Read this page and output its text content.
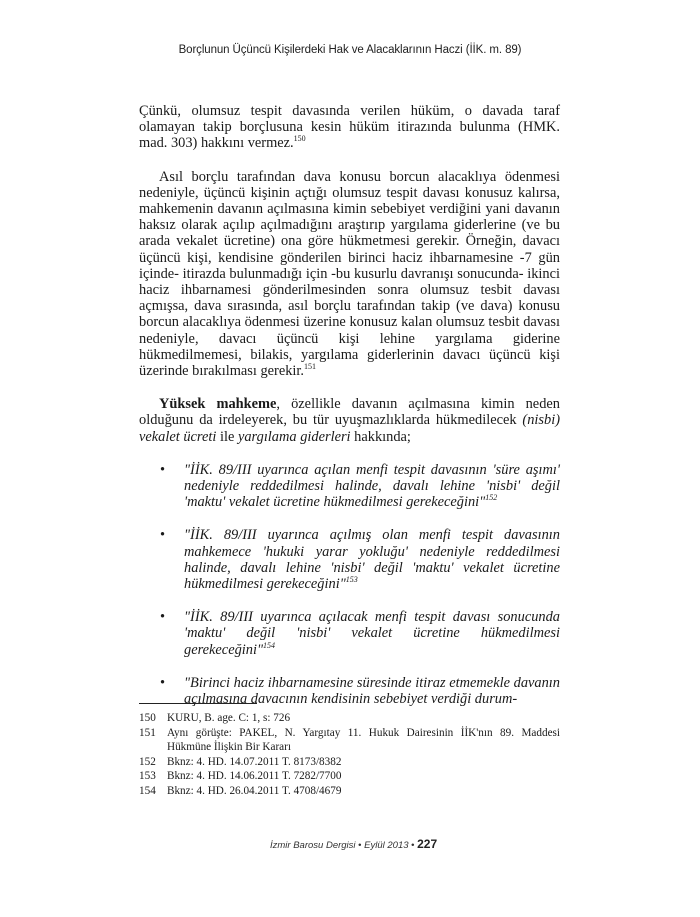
Borçlunun Üçüncü Kişilerdeki Hak ve Alacaklarının Haczi (İİK. m. 89)

Çünkü, olumsuz tespit davasında verilen hüküm, o davada taraf olamayan takip borçlusuna kesin hüküm itirazında bulunma (HMK. mad. 303) hakkını vermez.$^{150}$

Asıl borçlu tarafından dava konusu borcun alacaklıya ödenmesi nedeniyle, üçüncü kişinin açtığı olumsuz tespit davası konusuz kalırsa, mahkemenin davanın açılmasına kimin sebebiyet verdiğini yani davanın haksız olarak açılıp açılmadığını araştırıp yargılama giderlerine (ve bu arada vekalet ücretine) ona göre hükmetmesi gerekir. Örneğin, davacı üçüncü kişi, kendisine gönderilen birinci haciz ihbarnamesine -7 gün içinde- itirazda bulunmadığı için -bu kusurlu davranışı sonucunda- ikinci haciz ihbarnamesi gönderilmesinden sonra olumsuz tesbit davası açmışsa, dava sırasında, asıl borçlu tarafından takip (ve dava) konusu borcun alacaklıya ödenmesi üzerine konusuz kalan olumsuz tesbit davası nedeniyle, davacı üçüncü kişi lehine yargılama giderine hükmedilmemesi, bilakis, yargılama giderlerinin davacı üçüncü kişi üzerinde bırakılması gerekir.$^{151}$

Yüksek mahkeme, özellikle davanın açılmasına kimin neden olduğunu da irdeleyerek, bu tür uyuşmazlıklarda hükmedilecek (nisbi) vekalet ücreti ile yargılama giderleri hakkında;

• "İİK. 89/III uyarınca açılan menfi tespit davasının 'süre aşımı' nedeniyle reddedilmesi halinde, davalı lehine 'nisbi' değil 'maktu' vekalet ücretine hükmedilmesi gerekeceğini"$^{152}$
• "İİK. 89/III uyarınca açılmış olan menfi tespit davasının mahkemece 'hukuki yarar yokluğu' nedeniyle reddedilmesi halinde, davalı lehine 'nisbi' değil 'maktu' vekalet ücretine hükmedilmesi gerekeceğini"$^{153}$
• "İİK. 89/III uyarınca açılacak menfi tespit davası sonucunda 'maktu' değil 'nisbi' vekalet ücretine hükmedilmesi gerekeceğini"$^{154}$
• "Birinci haciz ihbarnamesine süresinde itiraz etmemekle davanın açılmasına davacının kendisinin sebebiyet verdiği durum-
150	KURU, B. age. C: 1, s: 726
151	Aynı görüşte: PAKEL, N. Yargıtay 11. Hukuk Dairesinin İİK'nın 89. Maddesi Hükmüne İlişkin Bir Kararı
152	Bknz: 4. HD. 14.07.2011 T. 8173/8382
153	Bknz: 4. HD. 14.06.2011 T. 7282/7700
154	Bknz: 4. HD. 26.04.2011 T. 4708/4679
İzmir Barosu Dergisi • Eylül 2013 • 227
